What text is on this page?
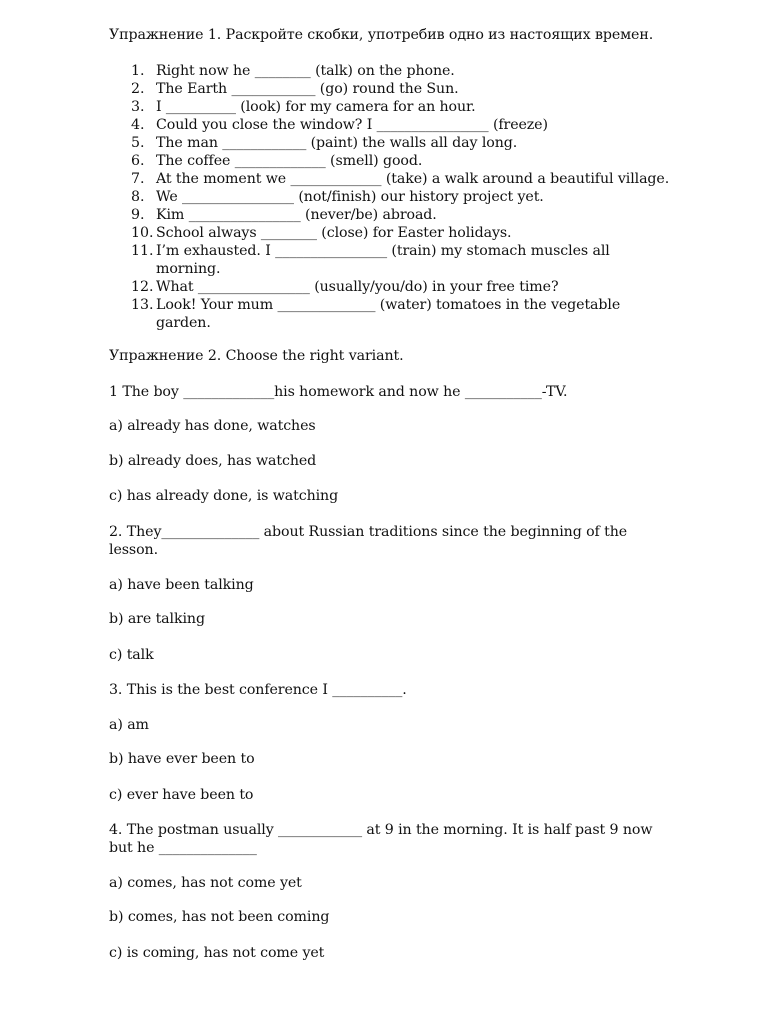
Упражнение 1. Раскройте скобки, употребив одно из настоящих времен.
1. Right now he ________ (talk) on the phone.
2. The Earth ____________ (go) round the Sun.
3. I __________ (look) for my camera for an hour.
4. Could you close the window? I ________________ (freeze)
5. The man ____________ (paint) the walls all day long.
6. The coffee _____________ (smell) good.
7. At the moment we _____________ (take) a walk around a beautiful village.
8. We ________________ (not/finish) our history project yet.
9. Kim ________________ (never/be) abroad.
10. School always ________ (close) for Easter holidays.
11. I’m exhausted. I ________________ (train) my stomach muscles all
morning.
12. What ________________ (usually/you/do) in your free time?
13. Look! Your mum ______________ (water) tomatoes in the vegetable
garden.
Упражнение 2. Choose the right variant.
1 The boy _____________his homework and now he ___________-TV.
a) already has done, watches
b) already does, has watched
c) has already done, is watching
2. They______________ about Russian traditions since the beginning of the
lesson.
a) have been talking
b) are talking
c) talk
3. This is the best conference I __________.
a) am
b) have ever been to
c) ever have been to
4. The postman usually ____________ at 9 in the morning. It is half past 9 now
but he ______________
a) comes, has not come yet
b) comes, has not been coming
c) is coming, has not come yet
